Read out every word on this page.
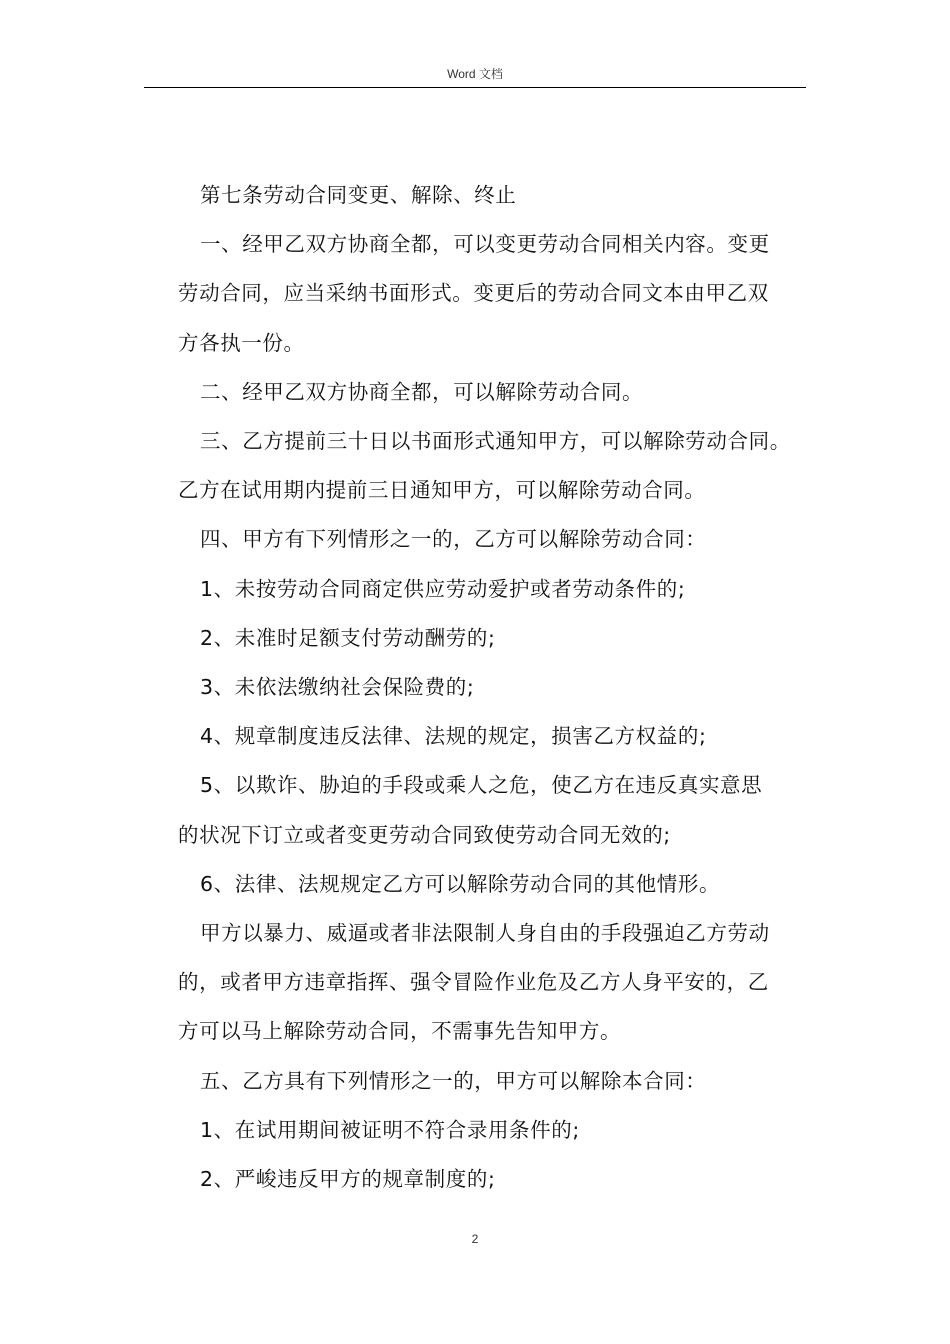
Word 文档

第七条劳动合同变更、解除、终止

一、经甲乙双方协商全都，可以变更劳动合同相关内容。变更
劳动合同，应当采纳书面形式。变更后的劳动合同文本由甲乙双
方各执一份。

二、经甲乙双方协商全都，可以解除劳动合同。

三、乙方提前三十日以书面形式通知甲方，可以解除劳动合同。
乙方在试用期内提前三日通知甲方，可以解除劳动合同。

四、甲方有下列情形之一的，乙方可以解除劳动合同：

1、未按劳动合同商定供应劳动爱护或者劳动条件的;

2、未准时足额支付劳动酬劳的;

3、未依法缴纳社会保险费的;

4、规章制度违反法律、法规的规定，损害乙方权益的;

5、以欺诈、胁迫的手段或乘人之危，使乙方在违反真实意思
的状况下订立或者变更劳动合同致使劳动合同无效的;

6、法律、法规规定乙方可以解除劳动合同的其他情形。

甲方以暴力、威逼或者非法限制人身自由的手段强迫乙方劳动
的，或者甲方违章指挥、强令冒险作业危及乙方人身平安的，乙
方可以马上解除劳动合同，不需事先告知甲方。

五、乙方具有下列情形之一的，甲方可以解除本合同：

1、在试用期间被证明不符合录用条件的;

2、严峻违反甲方的规章制度的;

2
